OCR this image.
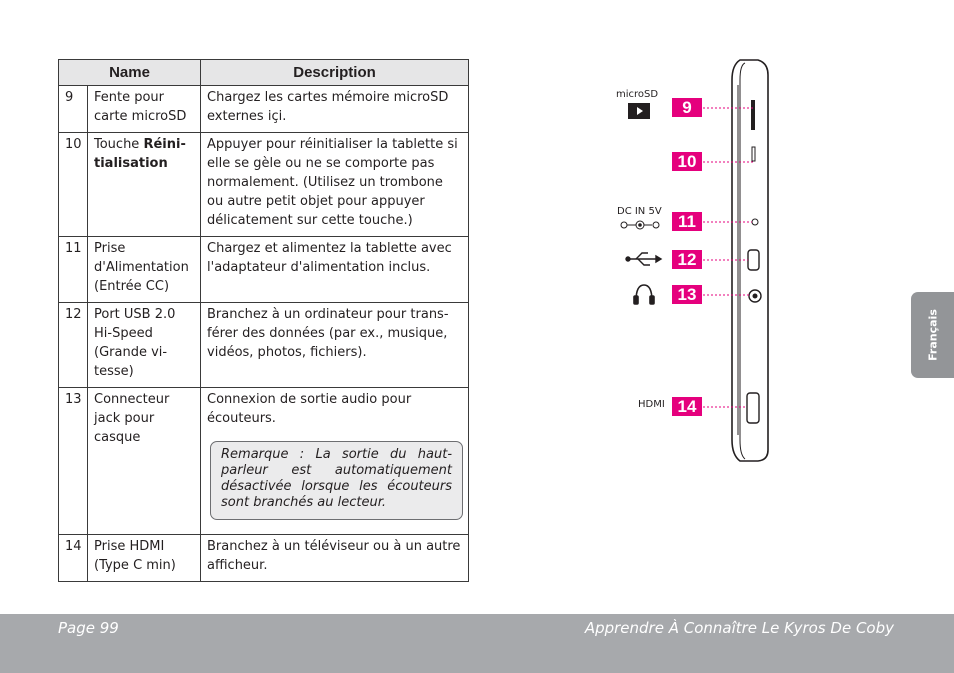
Name		Description
9	Fente pour carte microSD	Chargez les cartes mémoire microSD externes içi.
10	Touche Réini-tialisation	Appuyer pour réinitialiser la tablette si elle se gèle ou ne se comporte pas normalement. (Utilisez un trombone ou autre petit objet pour appuyer délicatement sur cette touche.)
11	Prise d'Alimentation (Entrée CC)	Chargez et alimentez la tablette avec l'adaptateur d'alimentation inclus.
12	Port USB 2.0 Hi-Speed (Grande vi-tesse)	Branchez à un ordinateur pour trans-férer des données (par ex., musique, vidéos, photos, fichiers).
13	Connecteur jack pour casque	Connexion de sortie audio pour écouteurs.
Remarque : La sortie du haut-parleur est automatiquement désactivée lorsque les écouteurs sont branchés au lecteur.

14	Prise HDMI (Type C min)	Branchez à un téléviseur ou à un autre afficheur.
microSD
DC IN 5V
HDMI
9
10
11
12
13
14
Français
Page 99	Apprendre À Connaître Le Kyros De Coby
